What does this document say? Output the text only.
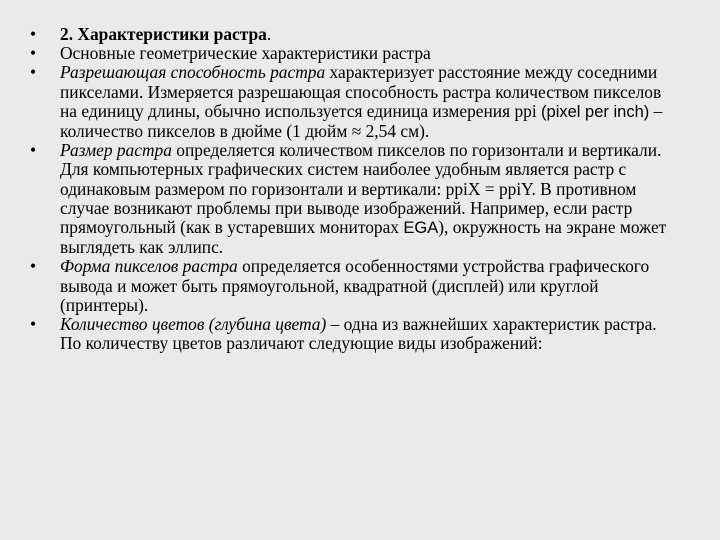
•	2. Характеристики растра.
•	Основные геометрические характеристики растра
•	Разрешающая способность растра характеризует расстояние между соседними пикселами. Измеряется разрешающая способность растра количеством пикселов на единицу длины, обычно используется единица измерения ppi (pixel per inch) – количество пикселов в дюйме (1 дюйм ≈ 2,54 см).
•	Размер растра определяется количеством пикселов по горизонтали и вертикали. Для компьютерных графических систем наиболее удобным является растр с одинаковым размером по горизонтали и вертикали: ppiX = ppiY. В противном случае возникают проблемы при выводе изображений. Например, если растр прямоугольный (как в устаревших мониторах EGA), окружность на экране может выглядеть как эллипс.
•	Форма пикселов растра определяется особенностями устройства графического вывода и может быть прямоугольной, квадратной (дисплей) или круглой (принтеры).
•	Количество цветов (глубина цвета) – одна из важнейших характеристик растра. По количеству цветов различают следующие виды изображений:
